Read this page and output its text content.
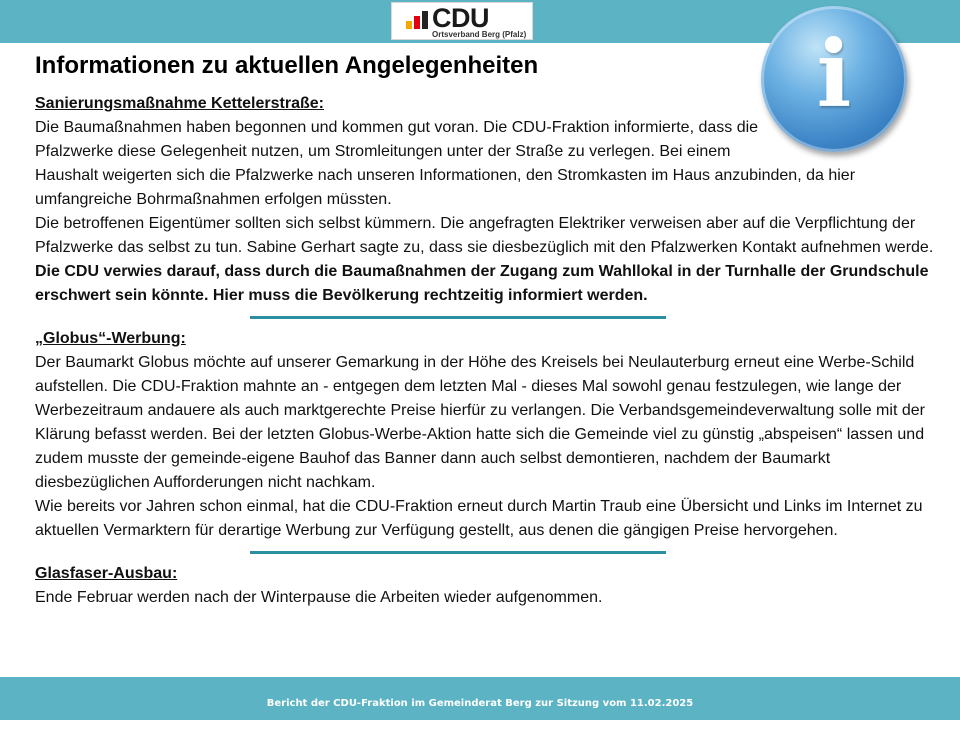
CDU
Ortsverband Berg (Pfalz)	i
Informationen zu aktuellen Angelegenheiten

Sanierungsmaßnahme Kettelerstraße:

Die Baumaßnahmen haben begonnen und kommen gut voran. Die CDU-Fraktion informierte, dass die Pfalzwerke diese Gelegenheit nutzen, um Stromleitungen unter der Straße zu verlegen. Bei einem Haushalt weigerten sich die Pfalzwerke nach unseren Informationen, den Stromkasten im Haus anzubinden, da hier umfangreiche Bohrmaßnahmen erfolgen müssten.

Die betroffenen Eigentümer sollten sich selbst kümmern. Die angefragten Elektriker verweisen aber auf die Verpflichtung der Pfalzwerke das selbst zu tun. Sabine Gerhart sagte zu, dass sie diesbezüglich mit den Pfalzwerken Kontakt aufnehmen werde.

Die CDU verwies darauf, dass durch die Baumaßnahmen der Zugang zum Wahllokal in der Turnhalle der Grundschule erschwert sein könnte. Hier muss die Bevölkerung rechtzeitig informiert werden.

„Globus“-Werbung:

Der Baumarkt Globus möchte auf unserer Gemarkung in der Höhe des Kreisels bei Neulauterburg erneut eine Werbe-Schild aufstellen. Die CDU-Fraktion mahnte an - entgegen dem letzten Mal - dieses Mal sowohl genau festzulegen, wie lange der Werbezeitraum andauere als auch marktgerechte Preise hierfür zu verlangen. Die Verbandsgemeindeverwaltung solle mit der Klärung befasst werden. Bei der letzten Globus-Werbe-Aktion hatte sich die Gemeinde viel zu günstig „abspeisen“ lassen und zudem musste der gemeinde-eigene Bauhof das Banner dann auch selbst demontieren, nachdem der Baumarkt diesbezüglichen Aufforderungen nicht nachkam.

Wie bereits vor Jahren schon einmal, hat die CDU-Fraktion erneut durch Martin Traub eine Übersicht und Links im Internet zu aktuellen Vermarktern für derartige Werbung zur Verfügung gestellt, aus denen die gängigen Preise hervorgehen.

Glasfaser-Ausbau:

Ende Februar werden nach der Winterpause die Arbeiten wieder aufgenommen.

Bericht der CDU-Fraktion im Gemeinderat Berg zur Sitzung vom 11.02.2025
